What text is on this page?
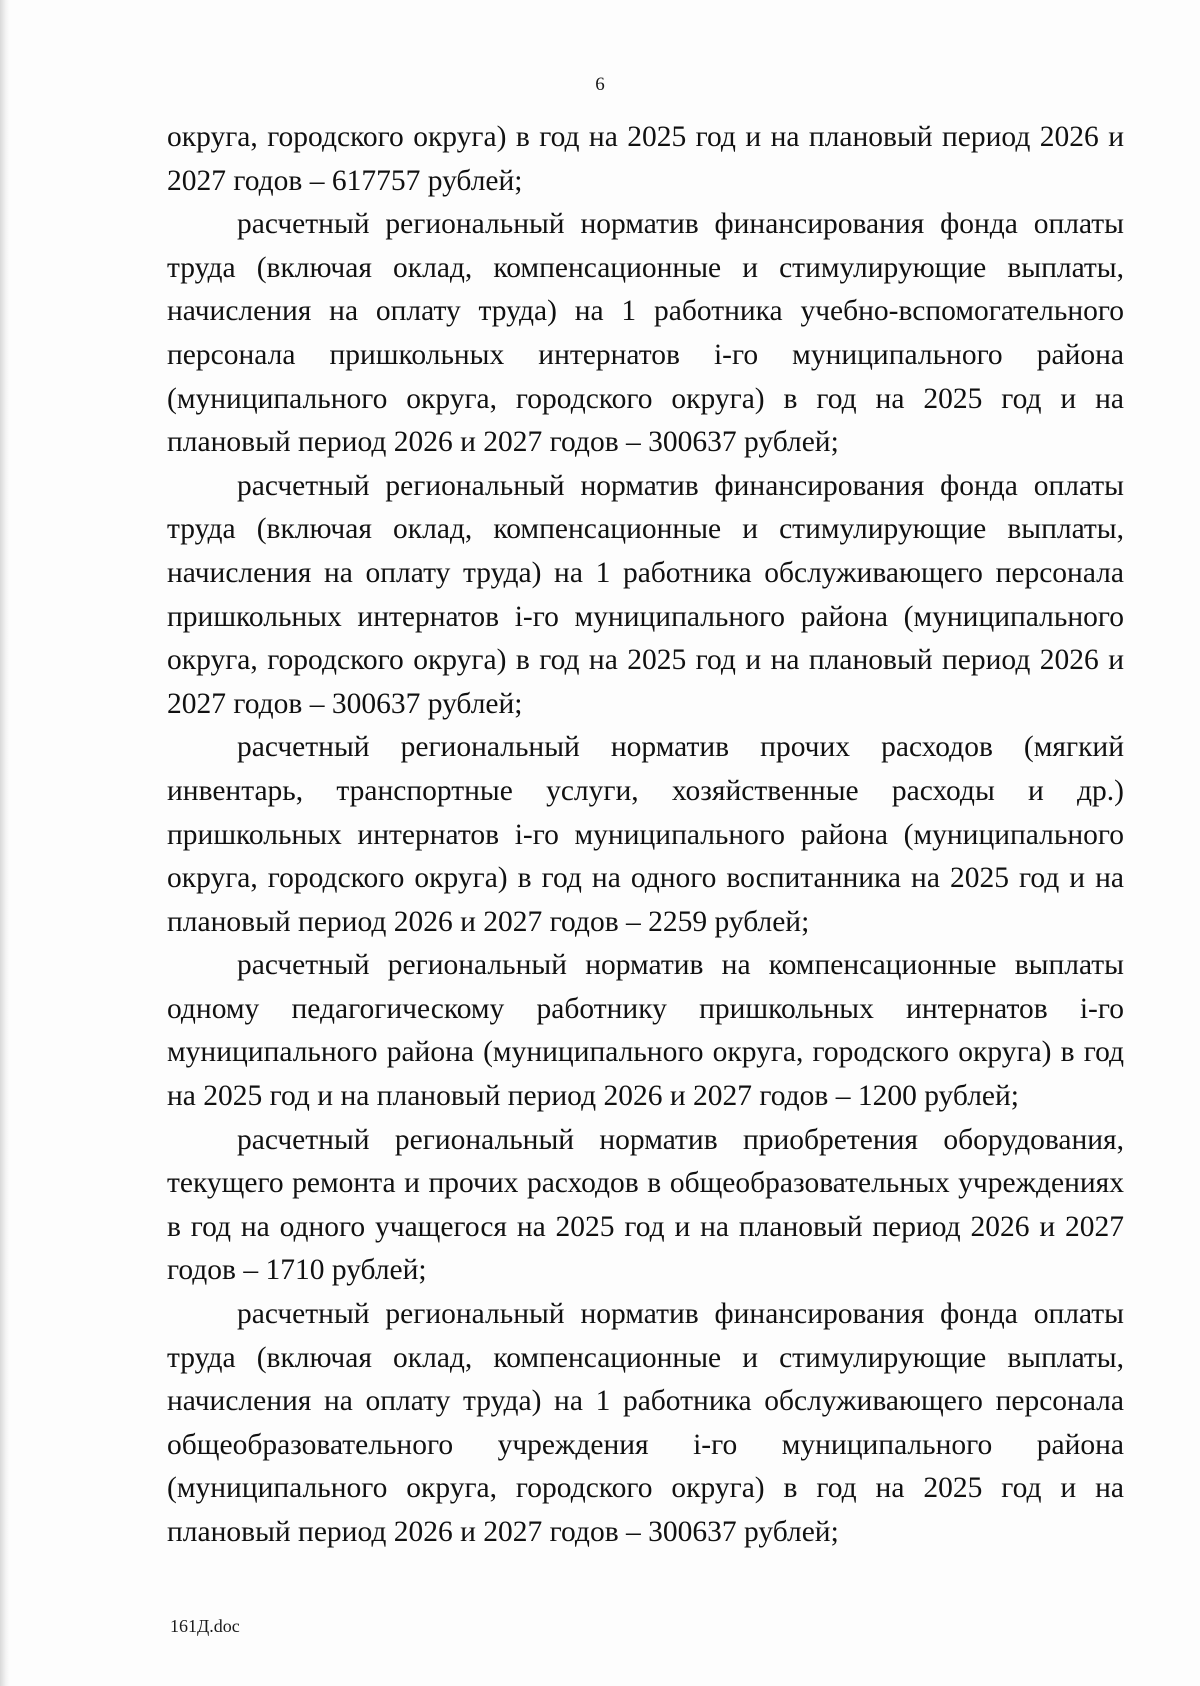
6

округа, городского округа) в год на 2025 год и на плановый период 2026 и 2027 годов – 617757 рублей;

расчетный региональный норматив финансирования фонда оплаты труда (включая оклад, компенсационные и стимулирующие выплаты, начисления на оплату труда) на 1 работника учебно-вспомогательного персонала пришкольных интернатов i-го муниципального района (муниципального округа, городского округа) в год на 2025 год и на плановый период 2026 и 2027 годов – 300637 рублей;

расчетный региональный норматив финансирования фонда оплаты труда (включая оклад, компенсационные и стимулирующие выплаты, начисления на оплату труда) на 1 работника обслуживающего персонала пришкольных интернатов i-го муниципального района (муниципального округа, городского округа) в год на 2025 год и на плановый период 2026 и 2027 годов – 300637 рублей;

расчетный региональный норматив прочих расходов (мягкий инвентарь, транспортные услуги, хозяйственные расходы и др.) пришкольных интернатов i-го муниципального района (муниципального округа, городского округа) в год на одного воспитанника на 2025 год и на плановый период 2026 и 2027 годов – 2259 рублей;

расчетный региональный норматив на компенсационные выплаты одному педагогическому работнику пришкольных интернатов i-го муниципального района (муниципального округа, городского округа) в год на 2025 год и на плановый период 2026 и 2027 годов – 1200 рублей;

расчетный региональный норматив приобретения оборудования, текущего ремонта и прочих расходов в общеобразовательных учреждениях в год на одного учащегося на 2025 год и на плановый период 2026 и 2027 годов – 1710 рублей;

расчетный региональный норматив финансирования фонда оплаты труда (включая оклад, компенсационные и стимулирующие выплаты, начисления на оплату труда) на 1 работника обслуживающего персонала общеобразовательного учреждения i-го муниципального района (муниципального округа, городского округа) в год на 2025 год и на плановый период 2026 и 2027 годов – 300637 рублей;

161Д.doc
